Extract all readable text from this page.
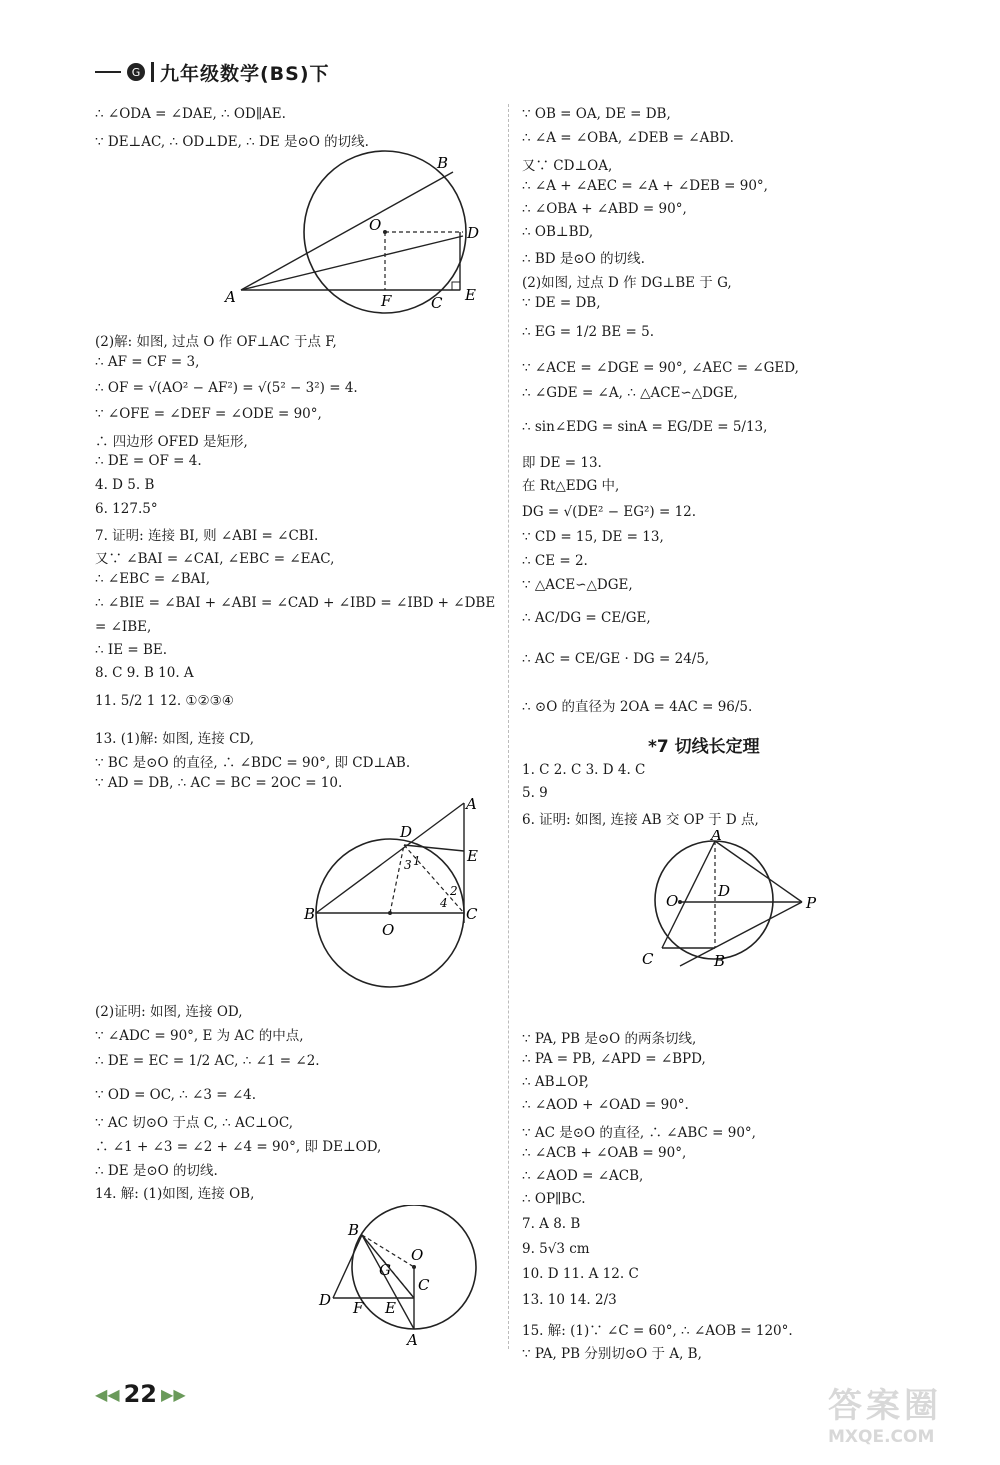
G 九年级数学(BS)下
∴ ∠ODA = ∠DAE, ∴ OD∥AE.
∵ DE⊥AC, ∴ OD⊥DE, ∴ DE 是⊙O 的切线.
B
O	D
A	F	C E
(2)解: 如图, 过点 O 作 OF⊥AC 于点 F,
∴ AF = CF = 3,
∴ OF = √(AO² − AF²) = √(5² − 3²) = 4.
∵ ∠OFE = ∠DEF = ∠ODE = 90°,
∴ 四边形 OFED 是矩形,
∴ DE = OF = 4.
4. D 5. B
6. 127.5°
7. 证明: 连接 BI, 则 ∠ABI = ∠CBI.
又∵ ∠BAI = ∠CAI, ∠EBC = ∠EAC,
∴ ∠EBC = ∠BAI,
∴ ∠BIE = ∠BAI + ∠ABI = ∠CAD + ∠IBD = ∠IBD + ∠DBE
= ∠IBE,
∴ IE = BE.
8. C 9. B 10. A
11. 5/2 1 12. ①②③④
13. (1)解: 如图, 连接 CD,
∵ BC 是⊙O 的直径, ∴ ∠BDC = 90°, 即 CD⊥AB.
∵ AD = DB, ∴ AC = BC = 2OC = 10.
A
D
E
B
O
C
1
3
2
4
(2)证明: 如图, 连接 OD,
∵ ∠ADC = 90°, E 为 AC 的中点,
∴ DE = EC = 1/2 AC, ∴ ∠1 = ∠2.
∵ OD = OC, ∴ ∠3 = ∠4.
∵ AC 切⊙O 于点 C, ∴ AC⊥OC,
∴ ∠1 + ∠3 = ∠2 + ∠4 = 90°, 即 DE⊥OD,
∴ DE 是⊙O 的切线.
14. 解: (1)如图, 连接 OB,
B
O
G
C
D F E
A
∵ OB = OA, DE = DB,
∴ ∠A = ∠OBA, ∠DEB = ∠ABD.
又∵ CD⊥OA,
∴ ∠A + ∠AEC = ∠A + ∠DEB = 90°,
∴ ∠OBA + ∠ABD = 90°,
∴ OB⊥BD,
∴ BD 是⊙O 的切线.
(2)如图, 过点 D 作 DG⊥BE 于 G,
∵ DE = DB,
∴ EG = 1/2 BE = 5.
∵ ∠ACE = ∠DGE = 90°, ∠AEC = ∠GED,
∴ ∠GDE = ∠A, ∴ △ACE∽△DGE,
∴ sin∠EDG = sinA = EG/DE = 5/13,
即 DE = 13.
在 Rt△EDG 中,
DG = √(DE² − EG²) = 12.
∵ CD = 15, DE = 13,
∴ CE = 2.
∵ △ACE∽△DGE,
∴ AC/DG = CE/GE,
∴ AC = CE/GE · DG = 24/5,
∴ ⊙O 的直径为 2OA = 4AC = 96/5.
*7 切线长定理
1. C 2. C 3. D 4. C
5. 9
6. 证明: 如图, 连接 AB 交 OP 于 D 点,
A
O
D
P
C	B
∵ PA, PB 是⊙O 的两条切线,
∴ PA = PB, ∠APD = ∠BPD,
∴ AB⊥OP,
∴ ∠AOD + ∠OAD = 90°.
∵ AC 是⊙O 的直径, ∴ ∠ABC = 90°,
∴ ∠ACB + ∠OAB = 90°,
∴ ∠AOD = ∠ACB,
∴ OP∥BC.
7. A 8. B
9. 5√3 cm
10. D 11. A 12. C
13. 10 14. 2/3
15. 解: (1)∵ ∠C = 60°, ∴ ∠AOB = 120°.
∵ PA, PB 分别切⊙O 于 A, B,
◀◀ 22 ▶▶	答案圈
MXQE.COM
